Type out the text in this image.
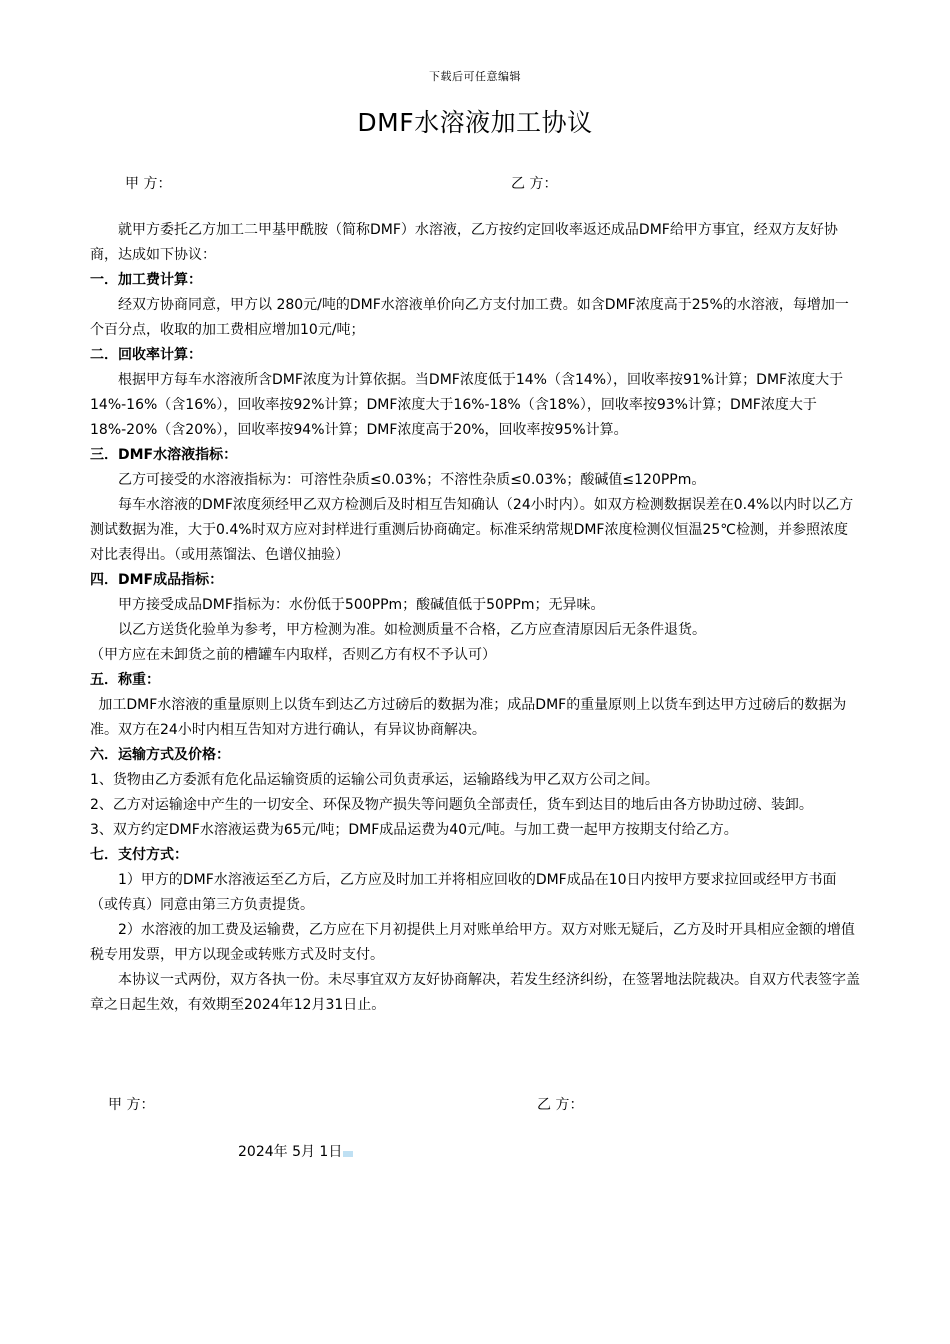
下载后可任意编辑
DMF水溶液加工协议
甲 方：	乙 方：

就甲方委托乙方加工二甲基甲酰胺（简称DMF）水溶液，乙方按约定回收率返还成品DMF给甲方事宜，经双方友好协商，达成如下协议：

一．加工费计算：

经双方协商同意，甲方以 280元/吨的DMF水溶液单价向乙方支付加工费。如含DMF浓度高于25%的水溶液，每增加一个百分点，收取的加工费相应增加10元/吨；

二．回收率计算：

根据甲方每车水溶液所含DMF浓度为计算依据。当DMF浓度低于14%（含14%），回收率按91%计算；DMF浓度大于14%-16%（含16%），回收率按92%计算；DMF浓度大于16%-18%（含18%），回收率按93%计算；DMF浓度大于18%-20%（含20%），回收率按94%计算；DMF浓度高于20%，回收率按95%计算。

三．DMF水溶液指标：

乙方可接受的水溶液指标为：可溶性杂质≤0.03%；不溶性杂质≤0.03%；酸碱值≤120PPm。

每车水溶液的DMF浓度须经甲乙双方检测后及时相互告知确认（24小时内）。如双方检测数据误差在0.4%以内时以乙方测试数据为准，大于0.4%时双方应对封样进行重测后协商确定。标准采纳常规DMF浓度检测仪恒温25℃检测，并参照浓度对比表得出。（或用蒸馏法、色谱仪抽验）

四．DMF成品指标：

甲方接受成品DMF指标为：水份低于500PPm；酸碱值低于50PPm；无异味。

以乙方送货化验单为参考，甲方检测为准。如检测质量不合格，乙方应查清原因后无条件退货。

（甲方应在未卸货之前的槽罐车内取样，否则乙方有权不予认可）

五．称重：

加工DMF水溶液的重量原则上以货车到达乙方过磅后的数据为准；成品DMF的重量原则上以货车到达甲方过磅后的数据为准。双方在24小时内相互告知对方进行确认，有异议协商解决。

六．运输方式及价格：

1、货物由乙方委派有危化品运输资质的运输公司负责承运，运输路线为甲乙双方公司之间。

2、乙方对运输途中产生的一切安全、环保及物产损失等问题负全部责任，货车到达目的地后由各方协助过磅、装卸。

3、双方约定DMF水溶液运费为65元/吨；DMF成品运费为40元/吨。与加工费一起甲方按期支付给乙方。

七．支付方式：

1）甲方的DMF水溶液运至乙方后，乙方应及时加工并将相应回收的DMF成品在10日内按甲方要求拉回或经甲方书面（或传真）同意由第三方负责提货。

2）水溶液的加工费及运输费，乙方应在下月初提供上月对账单给甲方。双方对账无疑后，乙方及时开具相应金额的增值税专用发票，甲方以现金或转账方式及时支付。

本协议一式两份，双方各执一份。未尽事宜双方友好协商解决，若发生经济纠纷，在签署地法院裁决。自双方代表签字盖章之日起生效，有效期至2024年12月31日止。

甲 方：	乙 方：
2024年 5月 1日
